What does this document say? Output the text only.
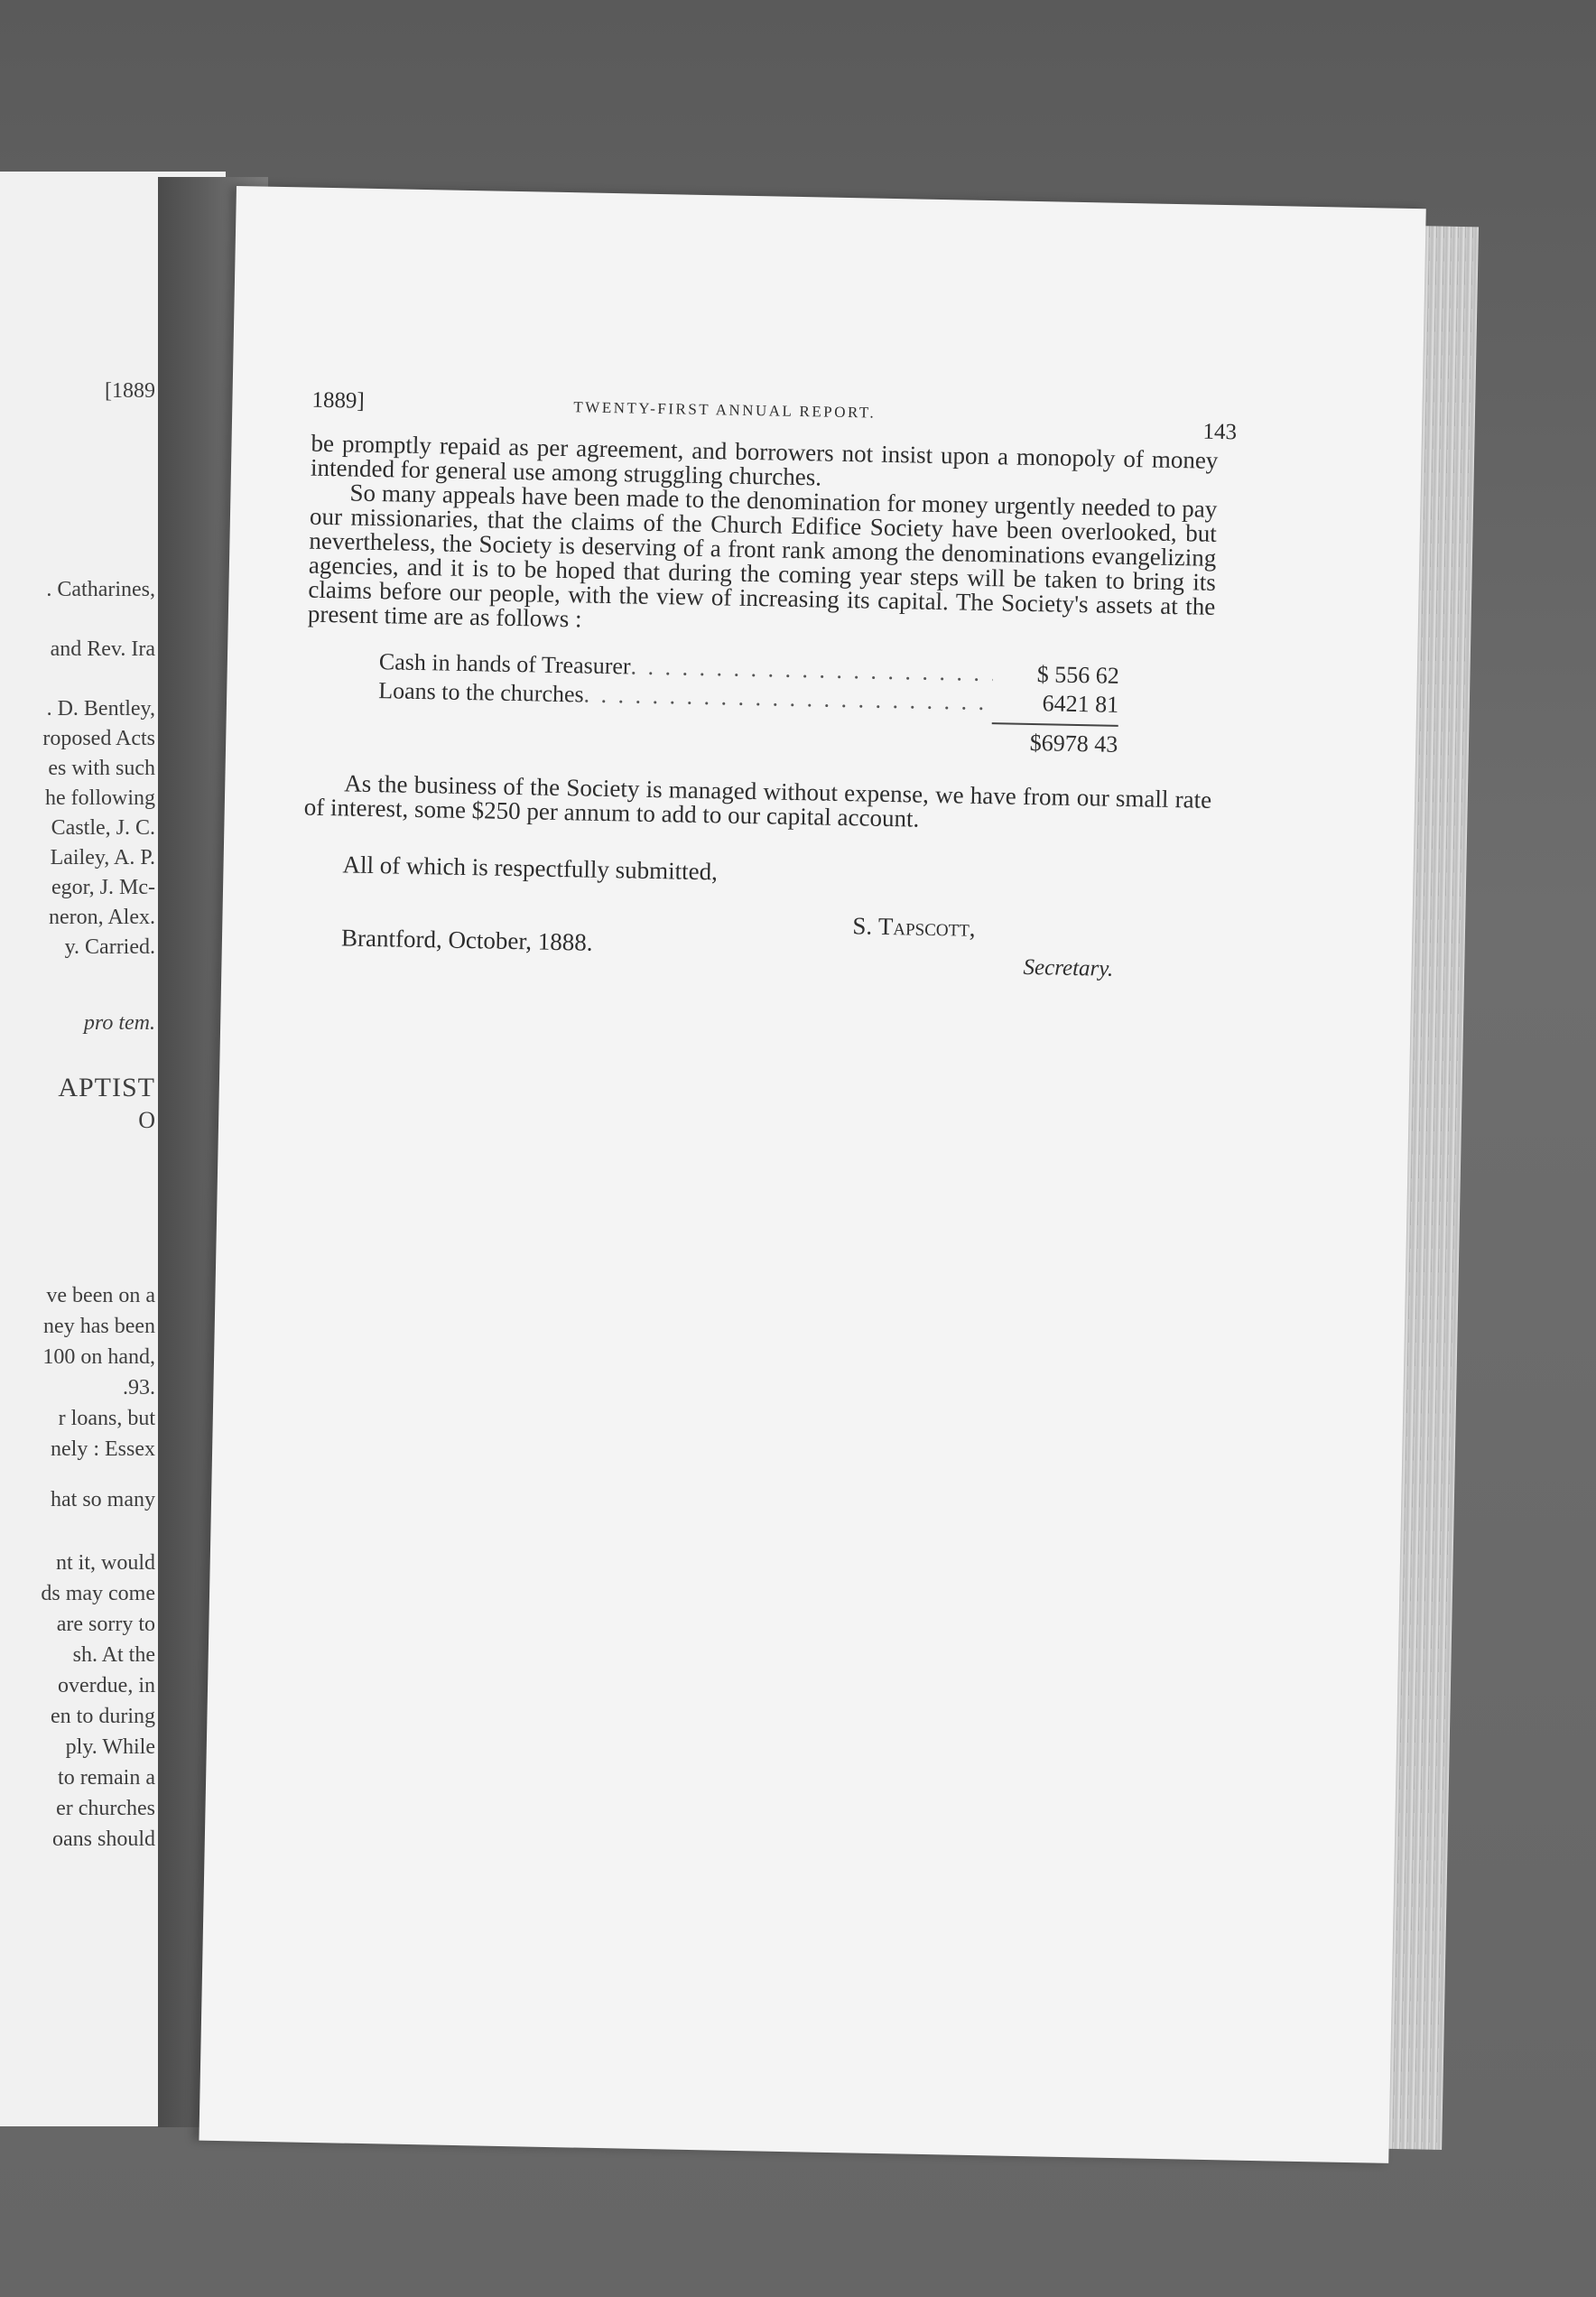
[1889
. Catharines,
and Rev. Ira
. D. Bentley,
roposed Acts
es with such
he following
Castle, J. C.
Lailey, A. P.
egor, J. Mc-
neron, Alex.
y. Carried.
pro tem.
APTIST
O
ve been on a
ney has been
100 on hand,
.93.
r loans, but
nely : Essex
hat so many
nt it, would
ds may come
are sorry to
sh. At the
overdue, in
en to during
ply. While
to remain a
er churches
oans should
1889]	TWENTY-FIRST ANNUAL REPORT.
143

be promptly repaid as per agreement, and borrowers not insist upon a monopoly of money intended for general use among struggling churches.

So many appeals have been made to the denomination for money urgently needed to pay our missionaries, that the claims of the Church Edifice Society have been overlooked, but nevertheless, the Society is deserving of a front rank among the denominations evangelizing agencies, and it is to be hoped that during the coming year steps will be taken to bring its claims before our people, with the view of increasing its capital. The Society's assets at the present time are as follows :

Cash in hands of Treasurer . . .	$ 556 62
Loans to the churches . . .	6421 81
$6978 43

As the business of the Society is managed without expense, we have from our small rate of interest, some $250 per annum to add to our capital account.

All of which is respectfully submitted,
Brantford, October, 1888.	S. Tapscott,
Secretary.
